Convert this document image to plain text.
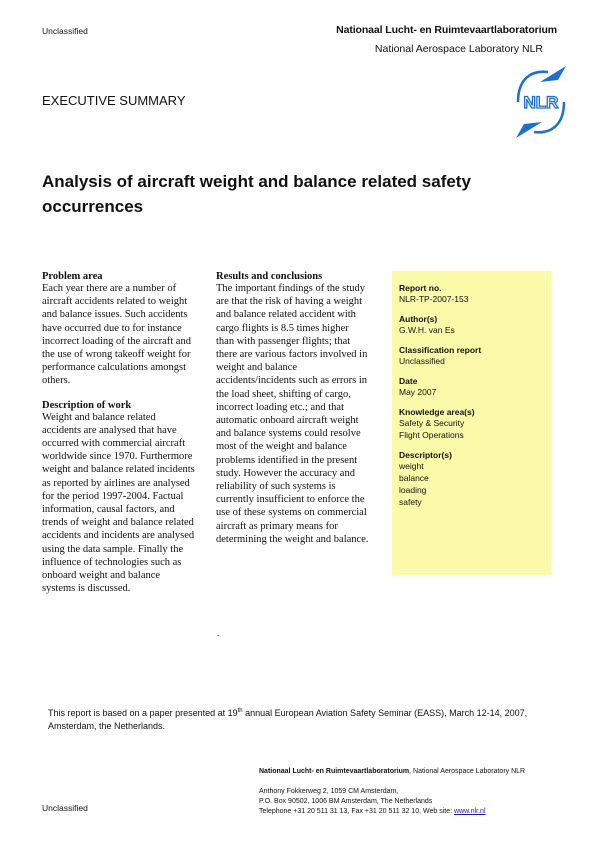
Unclassified	Nationaal Lucht- en Ruimtevaartlaboratorium
National Aerospace Laboratory NLR
NLR
EXECUTIVE SUMMARY
Analysis of aircraft weight and balance related safety
occurrences

Problem area

Each year there are a number of

aircraft accidents related to weight

and balance issues. Such accidents

have occurred due to for instance

incorrect loading of the aircraft and

the use of wrong takeoff weight for

performance calculations amongst

others.

Description of work

Weight and balance related

accidents are analysed that have

occurred with commercial aircraft

worldwide since 1970. Furthermore

weight and balance related incidents

as reported by airlines are analysed

for the period 1997-2004. Factual

information, causal factors, and

trends of weight and balance related

accidents and incidents are analysed

using the data sample. Finally the

influence of technologies such as

onboard weight and balance

systems is discussed.

Results and conclusions

The important findings of the study

are that the risk of having a weight

and balance related accident with

cargo flights is 8.5 times higher

than with passenger flights; that

there are various factors involved in

weight and balance

accidents/incidents such as errors in

the load sheet, shifting of cargo,

incorrect loading etc.; and that

automatic onboard aircraft weight

and balance systems could resolve

most of the weight and balance

problems identified in the present

study. However the accuracy and

reliability of such systems is

currently insufficient to enforce the

use of these systems on commercial

aircraft as primary means for

determining the weight and balance.

.

Report no.

NLR-TP-2007-153

Author(s)

G.W.H. van Es

Classification report

Unclassified

Date

May 2007

Knowledge area(s)

Safety & Security

Flight Operations

Descriptor(s)

weight

balance

loading

safety

This report is based on a paper presented at 19th annual European Aviation Safety Seminar (EASS), March 12-14, 2007,
Amsterdam, the Netherlands.
Nationaal Lucht- en Ruimtevaartlaboratorium, National Aerospace Laboratory NLR
Anthony Fokkerweg 2, 1059 CM Amsterdam,
P.O. Box 90502, 1006 BM Amsterdam, The Netherlands
Telephone +31 20 511 31 13, Fax +31 20 511 32 10, Web site: www.nlr.nl
Unclassified
